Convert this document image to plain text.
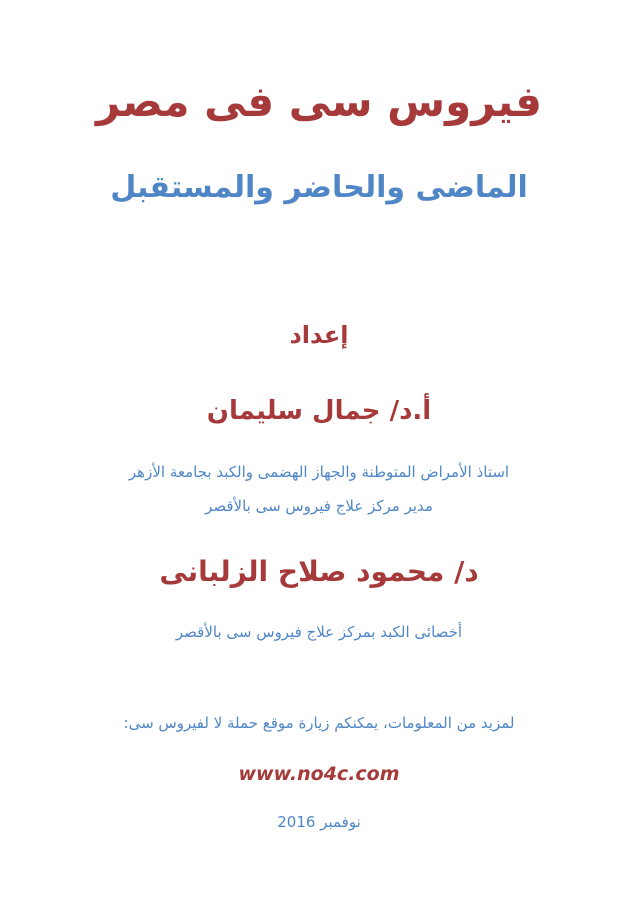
فيروس سى فى مصر
الماضى والحاضر والمستقبل
إعداد
أ.د/ جمال سليمان
استاذ الأمراض المتوطنة والجهاز الهضمى والكبد بجامعة الأزهر
مدير مركز علاج فيروس سى بالأقصر
د/ محمود صلاح الزلبانى
أخصائى الكبد بمركز علاج فيروس سى بالأقصر
لمزيد من المعلومات، يمكنكم زيارة موقع حملة لا لفيروس سى:
www.no4c.com
نوفمبر 2016
